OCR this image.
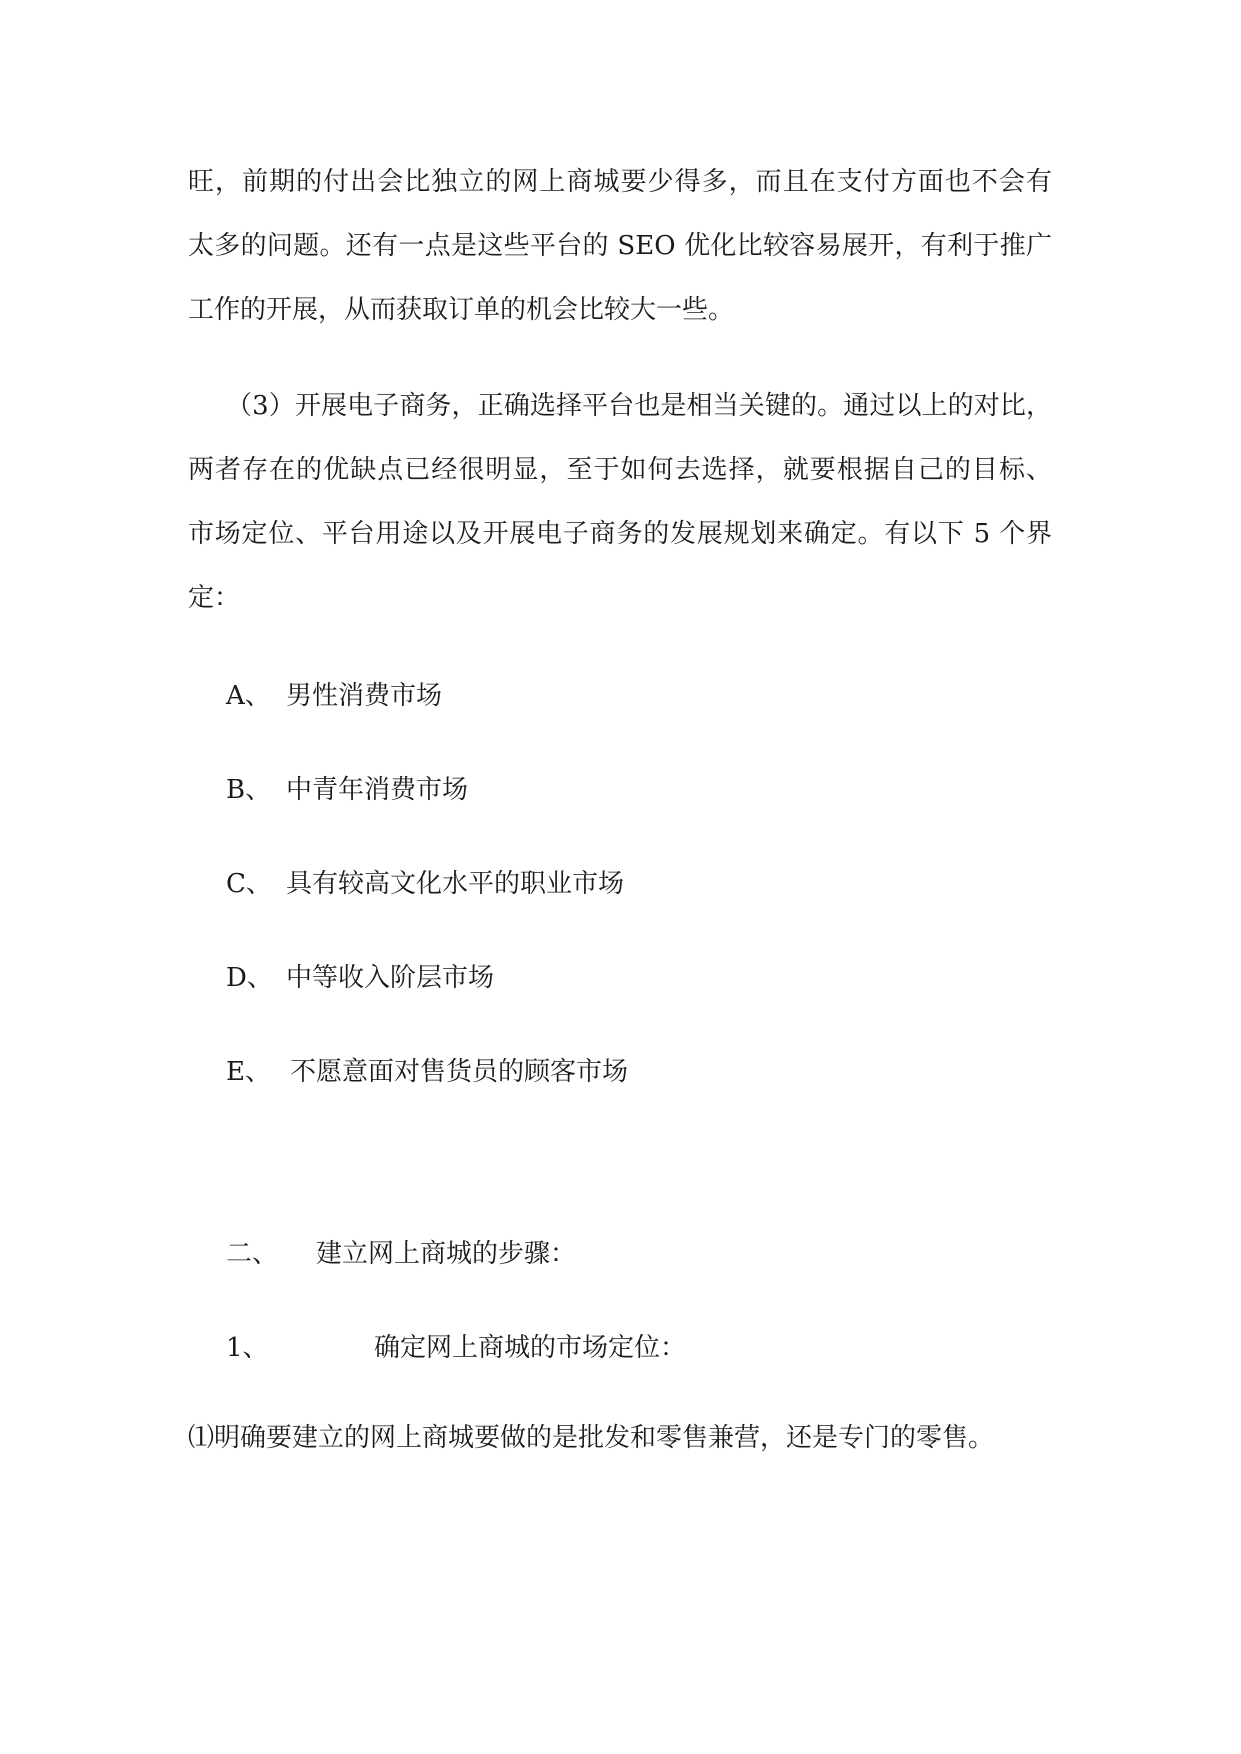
旺，前期的付出会比独立的网上商城要少得多，而且在支付方面也不会有
太多的问题。还有一点是这些平台的 SEO 优化比较容易展开，有利于推广
工作的开展，从而获取订单的机会比较大一些。
（3）开展电子商务，正确选择平台也是相当关键的。通过以上的对比，
两者存在的优缺点已经很明显，至于如何去选择，就要根据自己的目标、
市场定位、平台用途以及开展电子商务的发展规划来确定。有以下 5 个界
定：
A、 男性消费市场
B、 中青年消费市场
C、 具有较高文化水平的职业市场
D、 中等收入阶层市场
E、 不愿意面对售货员的顾客市场
二、 建立网上商城的步骤：
1、	确定网上商城的市场定位：
⑴明确要建立的网上商城要做的是批发和零售兼营，还是专门的零售。
